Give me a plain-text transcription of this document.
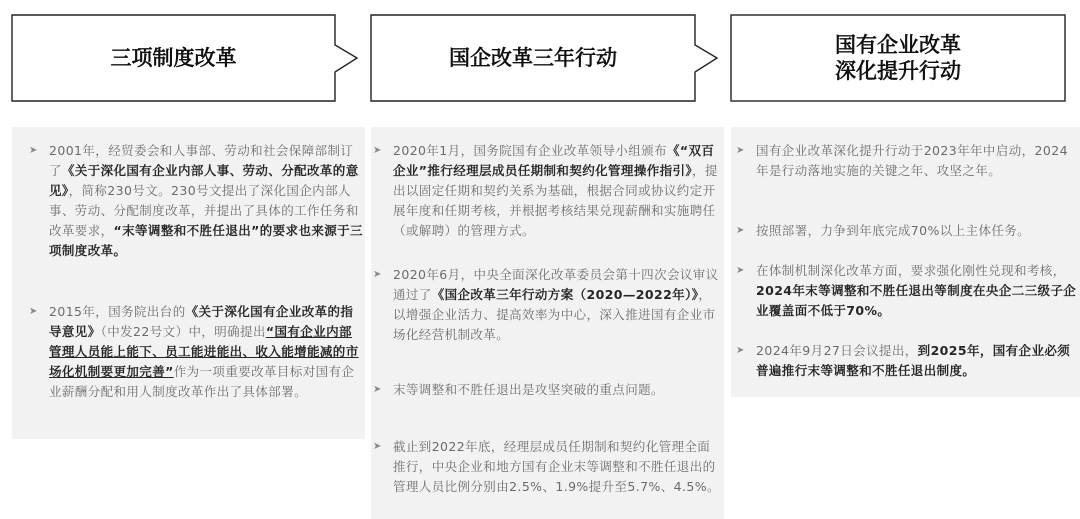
三项制度改革	国企改革三年行动
国有企业改革
深化提升行动
➤ 2001年，经贸委会和人事部、劳动和社会保障部制订了《关于深化国有企业内部人事、劳动、分配改革的意见》，简称230号文。230号文提出了深化国企内部人事、劳动、分配制度改革，并提出了具体的工作任务和改革要求，“末等调整和不胜任退出”的要求也来源于三项制度改革。
➤ 2015年，国务院出台的《关于深化国有企业改革的指导意见》（中发22号文）中，明确提出“国有企业内部管理人员能上能下、员工能进能出、收入能增能减的市场化机制要更加完善”作为一项重要改革目标对国有企业薪酬分配和用人制度改革作出了具体部署。
➤ 2020年1月，国务院国有企业改革领导小组颁布《“双百企业”推行经理层成员任期制和契约化管理操作指引》，提出以固定任期和契约关系为基础，根据合同或协议约定开展年度和任期考核，并根据考核结果兑现薪酬和实施聘任（或解聘）的管理方式。
➤ 2020年6月，中央全面深化改革委员会第十四次会议审议通过了《国企改革三年行动方案（2020—2022年）》，以增强企业活力、提高效率为中心，深入推进国有企业市场化经营机制改革。
➤ 末等调整和不胜任退出是攻坚突破的重点问题。
➤ 截止到2022年底，经理层成员任期制和契约化管理全面推行，中央企业和地方国有企业末等调整和不胜任退出的管理人员比例分别由2.5%、1.9%提升至5.7%、4.5%。
➤ 国有企业改革深化提升行动于2023年年中启动，2024年是行动落地实施的关键之年、攻坚之年。
➤ 按照部署，力争到年底完成70%以上主体任务。
➤ 在体制机制深化改革方面，要求强化刚性兑现和考核，2024年末等调整和不胜任退出等制度在央企二三级子企业覆盖面不低于70%。
➤ 2024年9月27日会议提出，到2025年，国有企业必须普遍推行末等调整和不胜任退出制度。
